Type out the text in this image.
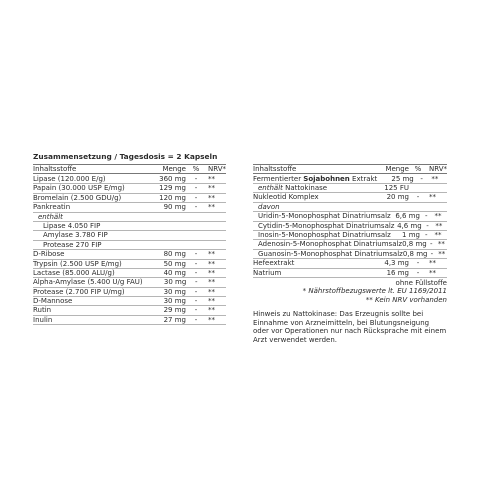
Zusammensetzung / Tagesdosis = 2 Kapseln
Inhaltsstoffe	Menge %	NRV*
Lipase (120.000 E/g)	360 mg	-	**
Papain (30.000 USP E/mg)	129 mg	-	**
Bromelain (2.500 GDU/g)	120 mg	-	**
Pankreatin	90 mg	-	**
enthält
Lipase 4.050 FIP
Amylase 3.780 FIP
Protease 270 FIP
D-Ribose	80 mg	-	**
Trypsin (2.500 USP E/mg)	50 mg	-	**
Lactase (85.000 ALU/g)	40 mg	-	**
Alpha-Amylase (5.400 U/g FAU)	30 mg	-	**
Protease (2.700 FIP U/mg)	30 mg	-	**
D-Mannose	30 mg	-	**
Rutin	29 mg	-	**
Inulin	27 mg	-	**
Inhaltsstoffe	Menge %	NRV*
Fermentierter Sojabohnen Extrakt	25 mg -	**
enthält Nattokinase	125 FU
Nukleotid Komplex	20 mg	-	**
davon
Uridin-5-Monophosphat Dinatriumsalz 6,6 mg -	**
Cytidin-5-Monophosphat Dinatriumsalz 4,6 mg - **
Inosin-5-Monophosphat Dinatriumsalz	1 mg -	**
Adenosin-5-Monophosphat Dinatriumsalz 0,8 mg - **
Guanosin-5-Monophosphat Dinatriumsalz 0,8 mg - **
Hefeextrakt	4,3 mg	-	**
Natrium	16 mg	-	**
ohne Füllstoffe
* Nährstoffbezugswerte lt. EU 1169/2011
** Kein NRV vorhanden
Hinweis zu Nattokinase: Das Erzeugnis sollte bei Einnahme von Arzneimitteln, bei Blutungsneigung oder vor Operationen nur nach Rücksprache mit einem Arzt verwendet werden.
